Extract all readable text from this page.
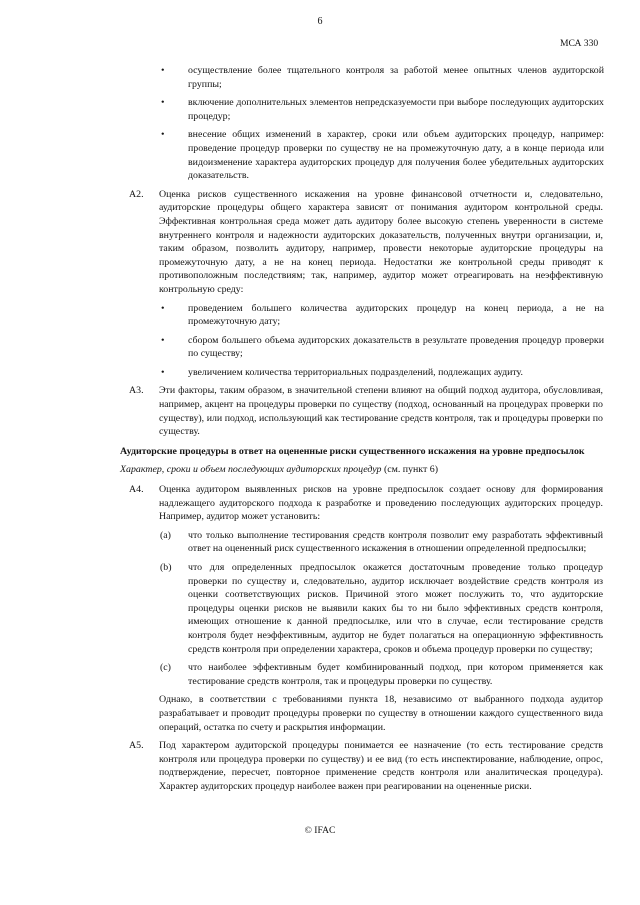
6
МСА 330
• осуществление более тщательного контроля за работой менее опытных членов аудиторской группы;
• включение дополнительных элементов непредсказуемости при выборе последующих аудиторских процедур;
• внесение общих изменений в характер, сроки или объем аудиторских процедур, например: проведение процедур проверки по существу не на промежуточную дату, а в конце периода или видоизменение характера аудиторских процедур для получения более убедительных аудиторских доказательств.
A2. Оценка рисков существенного искажения на уровне финансовой отчетности и, следовательно, аудиторские процедуры общего характера зависят от понимания аудитором контрольной среды. Эффективная контрольная среда может дать аудитору более высокую степень уверенности в системе внутреннего контроля и надежности аудиторских доказательств, полученных внутри организации, и, таким образом, позволить аудитору, например, провести некоторые аудиторские процедуры на промежуточную дату, а не на конец периода. Недостатки же контрольной среды приводят к противоположным последствиям; так, например, аудитор может отреагировать на неэффективную контрольную среду:
• проведением большего количества аудиторских процедур на конец периода, а не на промежуточную дату;
• сбором большего объема аудиторских доказательств в результате проведения процедур проверки по существу;
• увеличением количества территориальных подразделений, подлежащих аудиту.
A3. Эти факторы, таким образом, в значительной степени влияют на общий подход аудитора, обусловливая, например, акцент на процедуры проверки по существу (подход, основанный на процедурах проверки по существу), или подход, использующий как тестирование средств контроля, так и процедуры проверки по существу.
Аудиторские процедуры в ответ на оцененные риски существенного искажения на уровне предпосылок
Характер, сроки и объем последующих аудиторских процедур (см. пункт 6)
A4. Оценка аудитором выявленных рисков на уровне предпосылок создает основу для формирования надлежащего аудиторского подхода к разработке и проведению последующих аудиторских процедур. Например, аудитор может установить:
(a) что только выполнение тестирования средств контроля позволит ему разработать эффективный ответ на оцененный риск существенного искажения в отношении определенной предпосылки;
(b) что для определенных предпосылок окажется достаточным проведение только процедур проверки по существу и, следовательно, аудитор исключает воздействие средств контроля из оценки соответствующих рисков. Причиной этого может послужить то, что аудиторские процедуры оценки рисков не выявили каких бы то ни было эффективных средств контроля, имеющих отношение к данной предпосылке, или что в случае, если тестирование средств контроля будет неэффективным, аудитор не будет полагаться на операционную эффективность средств контроля при определении характера, сроков и объема процедур проверки по существу;
(c) что наиболее эффективным будет комбинированный подход, при котором применяется как тестирование средств контроля, так и процедуры проверки по существу.
Однако, в соответствии с требованиями пункта 18, независимо от выбранного подхода аудитор разрабатывает и проводит процедуры проверки по существу в отношении каждого существенного вида операций, остатка по счету и раскрытия информации.
A5. Под характером аудиторской процедуры понимается ее назначение (то есть тестирование средств контроля или процедура проверки по существу) и ее вид (то есть инспектирование, наблюдение, опрос, подтверждение, пересчет, повторное применение средств контроля или аналитическая процедура). Характер аудиторских процедур наиболее важен при реагировании на оцененные риски.
© IFAC
